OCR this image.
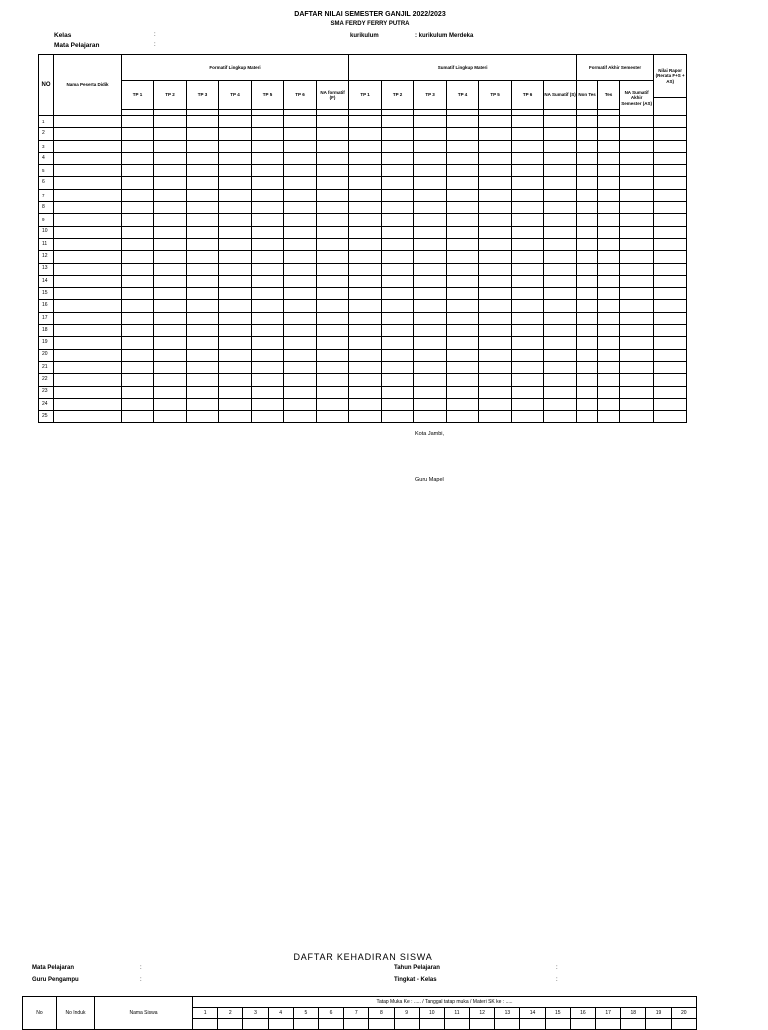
DAFTAR NILAI SEMESTER GANJIL 2022/2023
SMA FERDY FERRY PUTRA
Kelas	:
Mata Pelajaran	:
kurikulum	: kurikulum Merdeka
NO	Nama Peserta Didik	Formatif Lingkup Materi							Sumatif Lingkup Materi							Formatif Akhir Semester			Nilai Rapor (Rerata F+S + AS)
		TP 1	TP 2	TP 3	TP 4	TP 5	TP 6	NA formatif (F)	TP 1	TP 2	TP 3	TP 4	TP 5	TP 6	NA Sumatif (S)	Non Tes	Tes	NA Sumatif Akhir Semester (AS)	

1																			
2																			
3																			
4																			
5																			
6																			
7																			
8																			
9																			
10																			
11																			
12																			
13																			
14																			
15																			
16																			
17																			
18																			
19																			
20																			
21																			
22																			
23																			
24																			
25																			
Kota Jambi,
Guru Mapel
DAFTAR KEHADIRAN SISWA
Mata Pelajaran	:
Guru Pengampu	:
Tahun Pelajaran	:
Tingkat - Kelas	:
No	No Induk	Nama Siswa	Tatap Muka Ke : ..... / Tanggal tatap muka / Materi SK ke : .....																			
			1	2	3	4	5	6	7	8	9	10	11	12	13	14	15	16	17	18	19	20
